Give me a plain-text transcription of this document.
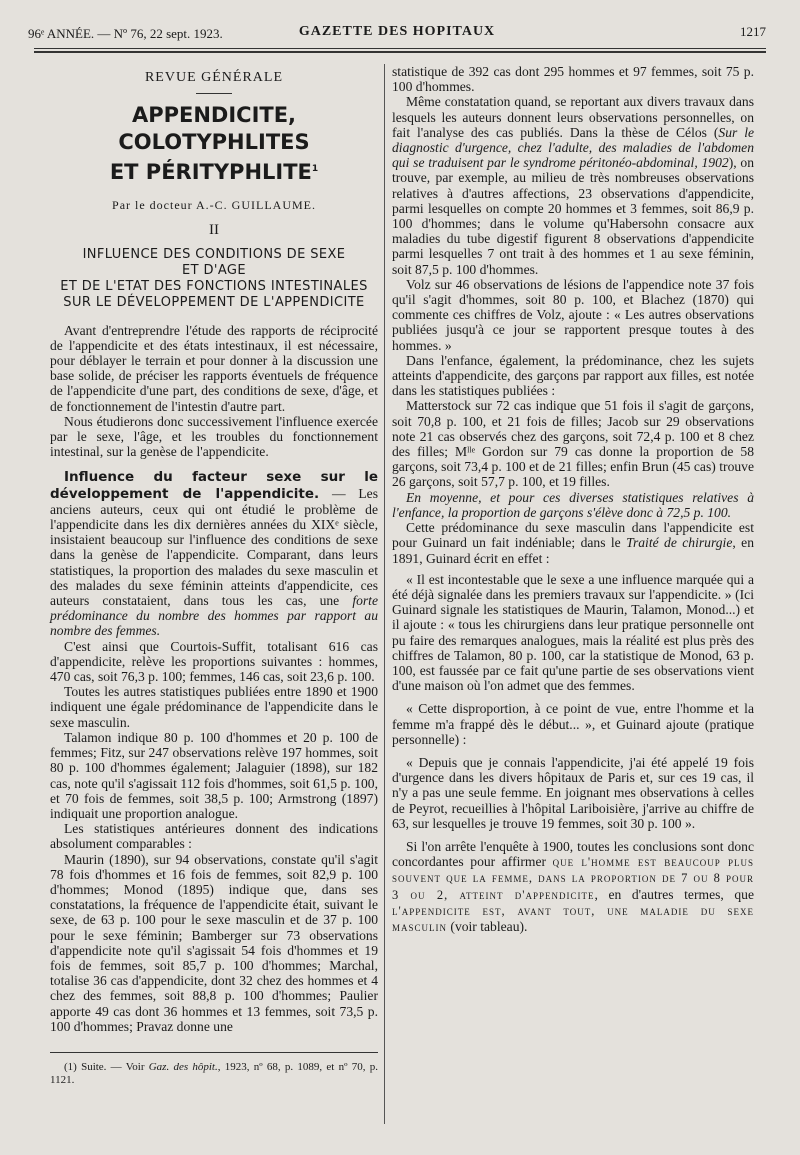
96ᵉ ANNÉE. — Nº 76, 22 sept. 1923.	GAZETTE DES HOPITAUX	1217
REVUE GÉNÉRALE
APPENDICITE, COLOTYPHLITES
ET PÉRITYPHLITE$^1$
Par le docteur A.-C. GUILLAUME.
II
INFLUENCE DES CONDITIONS DE SEXE
ET D'AGE
ET DE L'ETAT DES FONCTIONS INTESTINALES
SUR LE DÉVELOPPEMENT DE L'APPENDICITE

Avant d'entreprendre l'étude des rapports de réciprocité de l'appendicite et des états intestinaux, il est nécessaire, pour déblayer le terrain et pour donner à la discussion une base solide, de préciser les rapports éventuels de fréquence de l'appendicite d'une part, des conditions de sexe, d'âge, et de fonctionnement de l'intestin d'autre part.

Nous étudierons donc successivement l'influence exercée par le sexe, l'âge, et les troubles du fonctionnement intestinal, sur la genèse de l'appendicite.

Influence du facteur sexe sur le développement de l'appendicite. — Les anciens auteurs, ceux qui ont étudié le problème de l'appendicite dans les dix dernières années du XIXᵉ siècle, insistaient beaucoup sur l'influence des conditions de sexe dans la genèse de l'appendicite. Comparant, dans leurs statistiques, la proportion des malades du sexe masculin et des malades du sexe féminin atteints d'appendicite, ces auteurs constataient, dans tous les cas, une forte prédominance du nombre des hommes par rapport au nombre des femmes.

C'est ainsi que Courtois-Suffit, totalisant 616 cas d'appendicite, relève les proportions suivantes : hommes, 470 cas, soit 76,3 p. 100; femmes, 146 cas, soit 23,6 p. 100.

Toutes les autres statistiques publiées entre 1890 et 1900 indiquent une égale prédominance de l'appendicite dans le sexe masculin.

Talamon indique 80 p. 100 d'hommes et 20 p. 100 de femmes; Fitz, sur 247 observations relève 197 hommes, soit 80 p. 100 d'hommes également; Jalaguier (1898), sur 182 cas, note qu'il s'agissait 112 fois d'hommes, soit 61,5 p. 100, et 70 fois de femmes, soit 38,5 p. 100; Armstrong (1897) indiquait une proportion analogue.

Les statistiques antérieures donnent des indications absolument comparables :

Maurin (1890), sur 94 observations, constate qu'il s'agit 78 fois d'hommes et 16 fois de femmes, soit 82,9 p. 100 d'hommes; Monod (1895) indique que, dans ses constatations, la fréquence de l'appendicite était, suivant le sexe, de 63 p. 100 pour le sexe masculin et de 37 p. 100 pour le sexe féminin; Bamberger sur 73 observations d'appendicite note qu'il s'agissait 54 fois d'hommes et 19 fois de femmes, soit 85,7 p. 100 d'hommes; Marchal, totalise 36 cas d'appendicite, dont 32 chez des hommes et 4 chez des femmes, soit 88,8 p. 100 d'hommes; Paulier apporte 49 cas dont 36 hommes et 13 femmes, soit 73,5 p. 100 d'hommes; Pravaz donne une

(1) Suite. — Voir Gaz. des hôpit., 1923, nº 68, p. 1089, et nº 70, p. 1121.

statistique de 392 cas dont 295 hommes et 97 femmes, soit 75 p. 100 d'hommes.

Même constatation quand, se reportant aux divers travaux dans lesquels les auteurs donnent leurs observations personnelles, on fait l'analyse des cas publiés. Dans la thèse de Célos (Sur le diagnostic d'urgence, chez l'adulte, des maladies de l'abdomen qui se traduisent par le syndrome péritonéo-abdominal, 1902), on trouve, par exemple, au milieu de très nombreuses observations relatives à d'autres affections, 23 observations d'appendicite, parmi lesquelles on compte 20 hommes et 3 femmes, soit 86,9 p. 100 d'hommes; dans le volume qu'Habersohn consacre aux maladies du tube digestif figurent 8 observations d'appendicite parmi lesquelles 7 ont trait à des hommes et 1 au sexe féminin, soit 87,5 p. 100 d'hommes.

Volz sur 46 observations de lésions de l'appendice note 37 fois qu'il s'agit d'hommes, soit 80 p. 100, et Blachez (1870) qui commente ces chiffres de Volz, ajoute : « Les autres observations publiées jusqu'à ce jour se rapportent presque toutes à des hommes. »

Dans l'enfance, également, la prédominance, chez les sujets atteints d'appendicite, des garçons par rapport aux filles, est notée dans les statistiques publiées :

Matterstock sur 72 cas indique que 51 fois il s'agit de garçons, soit 70,8 p. 100, et 21 fois de filles; Jacob sur 29 observations note 21 cas observés chez des garçons, soit 72,4 p. 100 et 8 chez des filles; Mˡˡᵉ Gordon sur 79 cas donne la proportion de 58 garçons, soit 73,4 p. 100 et de 21 filles; enfin Brun (45 cas) trouve 26 garçons, soit 57,7 p. 100, et 19 filles.

En moyenne, et pour ces diverses statistiques relatives à l'enfance, la proportion de garçons s'élève donc à 72,5 p. 100.

Cette prédominance du sexe masculin dans l'appendicite est pour Guinard un fait indéniable; dans le Traité de chirurgie, en 1891, Guinard écrit en effet :

« Il est incontestable que le sexe a une influence marquée qui a été déjà signalée dans les premiers travaux sur l'appendicite. » (Ici Guinard signale les statistiques de Maurin, Talamon, Monod...) et il ajoute : « tous les chirurgiens dans leur pratique personnelle ont pu faire des remarques analogues, mais la réalité est plus près des chiffres de Talamon, 80 p. 100, car la statistique de Monod, 63 p. 100, est faussée par ce fait qu'une partie de ses observations vient d'une maison où l'on admet que des femmes.

« Cette disproportion, à ce point de vue, entre l'homme et la femme m'a frappé dès le début... », et Guinard ajoute (pratique personnelle) :

« Depuis que je connais l'appendicite, j'ai été appelé 19 fois d'urgence dans les divers hôpitaux de Paris et, sur ces 19 cas, il n'y a pas une seule femme. En joignant mes observations à celles de Peyrot, recueillies à l'hôpital Lariboisière, j'arrive au chiffre de 63, sur lesquelles je trouve 19 femmes, soit 30 p. 100 ».

Si l'on arrête l'enquête à 1900, toutes les conclusions sont donc concordantes pour affirmer que l'homme est beaucoup plus souvent que la femme, dans la proportion de 7 ou 8 pour 3 ou 2, atteint d'appendicite, en d'autres termes, que l'appendicite est, avant tout, une maladie du sexe masculin (voir tableau).
